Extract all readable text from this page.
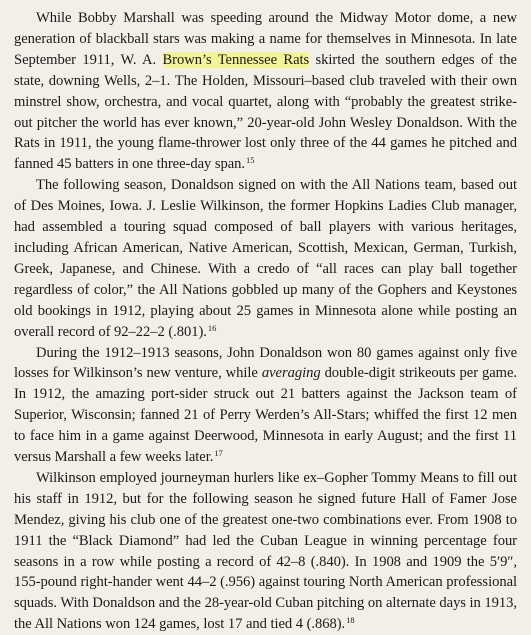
While Bobby Marshall was speeding around the Midway Motor dome, a new generation of blackball stars was making a name for themselves in Minnesota. In late September 1911, W. A. Brown’s Tennessee Rats skirted the southern edges of the state, downing Wells, 2–1. The Holden, Missouri–based club traveled with their own minstrel show, orchestra, and vocal quartet, along with “probably the greatest strike-out pitcher the world has ever known,” 20-year-old John Wesley Donaldson. With the Rats in 1911, the young flame-thrower lost only three of the 44 games he pitched and fanned 45 batters in one three-day span.$^{15}$

The following season, Donaldson signed on with the All Nations team, based out of Des Moines, Iowa. J. Leslie Wilkinson, the former Hopkins Ladies Club manager, had assembled a touring squad composed of ball players with various heritages, including African American, Native American, Scottish, Mexican, German, Turkish, Greek, Japanese, and Chinese. With a credo of “all races can play ball together regardless of color,” the All Nations gobbled up many of the Gophers and Keystones old bookings in 1912, playing about 25 games in Minnesota alone while posting an overall record of 92–22–2 (.801).$^{16}$

During the 1912–1913 seasons, John Donaldson won 80 games against only five losses for Wilkinson’s new venture, while averaging double-digit strikeouts per game. In 1912, the amazing port-sider struck out 21 batters against the Jackson team of Superior, Wisconsin; fanned 21 of Perry Werden’s All-Stars; whiffed the first 12 men to face him in a game against Deerwood, Minnesota in early August; and the first 11 versus Marshall a few weeks later.$^{17}$

Wilkinson employed journeyman hurlers like ex–Gopher Tommy Means to fill out his staff in 1912, but for the following season he signed future Hall of Famer Jose Mendez, giving his club one of the greatest one-two combinations ever. From 1908 to 1911 the “Black Diamond” had led the Cuban League in winning percentage four seasons in a row while posting a record of 42–8 (.840). In 1908 and 1909 the 5′9″, 155-pound right-hander went 44–2 (.956) against touring North American professional squads. With Donaldson and the 28-year-old Cuban pitching on alternate days in 1913, the All Nations won 124 games, lost 17 and tied 4 (.868).$^{18}$
